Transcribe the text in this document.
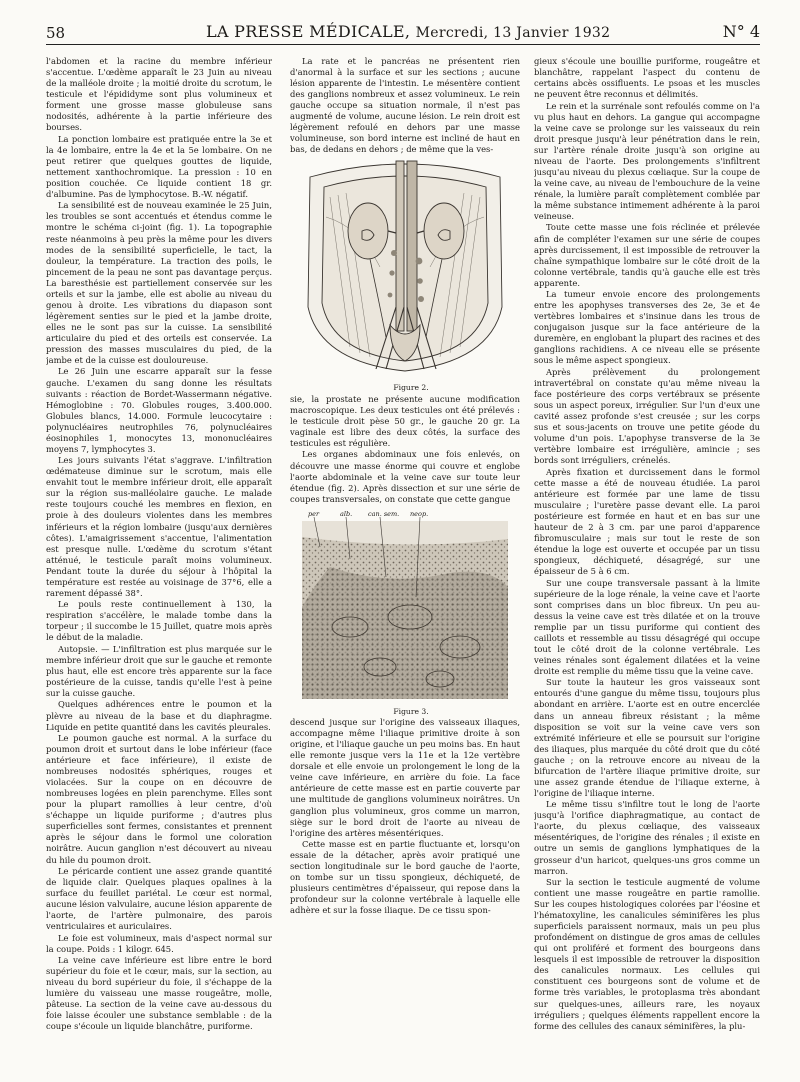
58	LA PRESSE MÉDICALE, Mercredi, 13 Janvier 1932	N° 4

l'abdomen et la racine du membre inférieur s'accentue. L'œdème apparaît le 23 Juin au niveau de la malléole droite ; la moitié droite du scrotum, le testicule et l'épididyme sont plus volumineux et forment une grosse masse globuleuse sans nodosités, adhérente à la partie inférieure des bourses.

La ponction lombaire est pratiquée entre la 3e et la 4e lombaire, entre la 4e et la 5e lombaire. On ne peut retirer que quelques gouttes de liquide, nettement xanthochromique. La pression : 10 en position couchée. Ce liquide contient 18 gr. d'albumine. Pas de lymphocytose. B.-W. négatif.

La sensibilité est de nouveau examinée le 25 Juin, les troubles se sont accentués et étendus comme le montre le schéma ci-joint (fig. 1). La topographie reste néanmoins à peu près la même pour les divers modes de la sensibilité superficielle, le tact, la douleur, la température. La traction des poils, le pincement de la peau ne sont pas davantage perçus. La baresthésie est partiellement conservée sur les orteils et sur la jambe, elle est abolie au niveau du genou à droite. Les vibrations du diapason sont légèrement senties sur le pied et la jambe droite, elles ne le sont pas sur la cuisse. La sensibilité articulaire du pied et des orteils est conservée. La pression des masses musculaires du pied, de la jambe et de la cuisse est douloureuse.

Le 26 Juin une escarre apparaît sur la fesse gauche. L'examen du sang donne les résultats suivants : réaction de Bordet-Wassermann négative. Hémoglobine : 70. Globules rouges, 3.400.000. Globules blancs, 14.000. Formule leucocytaire : polynucléaires neutrophiles 76, polynucléaires éosinophiles 1, monocytes 13, mononucléaires moyens 7, lymphocytes 3.

Les jours suivants l'état s'aggrave. L'infiltration œdémateuse diminue sur le scrotum, mais elle envahit tout le membre inférieur droit, elle apparaît sur la région sus-malléolaire gauche. Le malade reste toujours couché les membres en flexion, en proie à des douleurs violentes dans les membres inférieurs et la région lombaire (jusqu'aux dernières côtes). L'amaigrissement s'accentue, l'alimentation est presque nulle. L'œdème du scrotum s'étant atténué, le testicule paraît moins volumineux. Pendant toute la durée du séjour à l'hôpital la température est restée au voisinage de 37°6, elle a rarement dépassé 38°.

Le pouls reste continuellement à 130, la respiration s'accélère, le malade tombe dans la torpeur ; il succombe le 15 Juillet, quatre mois après le début de la maladie.

Autopsie. — L'infiltration est plus marquée sur le membre inférieur droit que sur le gauche et remonte plus haut, elle est encore très apparente sur la face postérieure de la cuisse, tandis qu'elle l'est à peine sur la cuisse gauche.

Quelques adhérences entre le poumon et la plèvre au niveau de la base et du diaphragme. Liquide en petite quantité dans les cavités pleurales.

Le poumon gauche est normal. A la surface du poumon droit et surtout dans le lobe inférieur (face antérieure et face inférieure), il existe de nombreuses nodosités sphériques, rouges et violacées. Sur la coupe on en découvre de nombreuses logées en plein parenchyme. Elles sont pour la plupart ramollies à leur centre, d'où s'échappe un liquide puriforme ; d'autres plus superficielles sont fermes, consistantes et prennent après le séjour dans le formol une coloration noirâtre. Aucun ganglion n'est découvert au niveau du hile du poumon droit.

Le péricarde contient une assez grande quantité de liquide clair. Quelques plaques opalines à la surface du feuillet pariétal. Le cœur est normal, aucune lésion valvulaire, aucune lésion apparente de l'aorte, de l'artère pulmonaire, des parois ventriculaires et auriculaires.

Le foie est volumineux, mais d'aspect normal sur la coupe. Poids : 1 kilogr. 645.

La veine cave inférieure est libre entre le bord supérieur du foie et le cœur, mais, sur la section, au niveau du bord supérieur du foie, il s'échappe de la lumière du vaisseau une masse rougeâtre, molle, pâteuse. La section de la veine cave au-dessous du foie laisse écouler une substance semblable : de la coupe s'écoule un liquide blanchâtre, puriforme.

La rate et le pancréas ne présentent rien d'anormal à la surface et sur les sections ; aucune lésion apparente de l'intestin. Le mésentère contient des ganglions nombreux et assez volumineux. Le rein gauche occupe sa situation normale, il n'est pas augmenté de volume, aucune lésion. Le rein droit est légèrement refoulé en dehors par une masse volumineuse, son bord interne est incliné de haut en bas, de dedans en dehors ; de même que la ves-

Figure 2.

sie, la prostate ne présente aucune modification macroscopique. Les deux testicules ont été prélevés : le testicule droit pèse 50 gr., le gauche 20 gr. La vaginale est libre des deux côtés, la surface des testicules est régulière.

Les organes abdominaux une fois enlevés, on découvre une masse énorme qui couvre et englobe l'aorte abdominale et la veine cave sur toute leur étendue (fig. 2). Après dissection et sur une série de coupes transversales, on constate que cette gangue

per	alb. can. sem. neop.

Figure 3.

descend jusque sur l'origine des vaisseaux iliaques, accompagne même l'iliaque primitive droite à son origine, et l'iliaque gauche un peu moins bas. En haut elle remonte jusque vers la 11e et la 12e vertèbre dorsale et elle envoie un prolongement le long de la veine cave inférieure, en arrière du foie. La face antérieure de cette masse est en partie couverte par une multitude de ganglions volumineux noirâtres. Un ganglion plus volumineux, gros comme un marron, siège sur le bord droit de l'aorte au niveau de l'origine des artères mésentériques.

Cette masse est en partie fluctuante et, lorsqu'on essaie de la détacher, après avoir pratiqué une section longitudinale sur le bord gauche de l'aorte, on tombe sur un tissu spongieux, déchiqueté, de plusieurs centimètres d'épaisseur, qui repose dans la profondeur sur la colonne vertébrale à laquelle elle adhère et sur la fosse iliaque. De ce tissu spon-

gieux s'écoule une bouillie puriforme, rougeâtre et blanchâtre, rappelant l'aspect du contenu de certains abcès ossifluents. Le psoas et les muscles ne peuvent être reconnus et délimités.

Le rein et la surrénale sont refoulés comme on l'a vu plus haut en dehors. La gangue qui accompagne la veine cave se prolonge sur les vaisseaux du rein droit presque jusqu'à leur pénétration dans le rein, sur l'artère rénale droite jusqu'à son origine au niveau de l'aorte. Des prolongements s'infiltrent jusqu'au niveau du plexus cœliaque. Sur la coupe de la veine cave, au niveau de l'embouchure de la veine rénale, la lumière paraît complètement comblée par la même substance intimement adhérente à la paroi veineuse.

Toute cette masse une fois réclinée et prélevée afin de compléter l'examen sur une série de coupes après durcissement, il est impossible de retrouver la chaîne sympathique lombaire sur le côté droit de la colonne vertébrale, tandis qu'à gauche elle est très apparente.

La tumeur envoie encore des prolongements entre les apophyses transverses des 2e, 3e et 4e vertèbres lombaires et s'insinue dans les trous de conjugaison jusque sur la face antérieure de la duremère, en englobant la plupart des racines et des ganglions rachidiens. A ce niveau elle se présente sous le même aspect spongieux.

Après prélèvement du prolongement intravertébral on constate qu'au même niveau la face postérieure des corps vertébraux se présente sous un aspect poreux, irrégulier. Sur l'un d'eux une cavité assez profonde s'est creusée ; sur les corps sus et sous-jacents on trouve une petite géode du volume d'un pois. L'apophyse transverse de la 3e vertèbre lombaire est irrégulière, amincie ; ses bords sont irréguliers, crénelés.

Après fixation et durcissement dans le formol cette masse a été de nouveau étudiée. La paroi antérieure est formée par une lame de tissu musculaire ; l'uretère passe devant elle. La paroi postérieure est formée en haut et en bas sur une hauteur de 2 à 3 cm. par une paroi d'apparence fibromusculaire ; mais sur tout le reste de son étendue la loge est ouverte et occupée par un tissu spongieux, déchiqueté, désagrégé, sur une épaisseur de 5 à 6 cm.

Sur une coupe transversale passant à la limite supérieure de la loge rénale, la veine cave et l'aorte sont comprises dans un bloc fibreux. Un peu au-dessus la veine cave est très dilatée et on la trouve remplie par un tissu puriforme qui contient des caillots et ressemble au tissu désagrégé qui occupe tout le côté droit de la colonne vertébrale. Les veines rénales sont également dilatées et la veine droite est remplie du même tissu que la veine cave.

Sur toute la hauteur les gros vaisseaux sont entourés d'une gangue du même tissu, toujours plus abondant en arrière. L'aorte est en outre encerclée dans un anneau fibreux résistant ; la même disposition se voit sur la veine cave vers son extrémité inférieure et elle se poursuit sur l'origine des iliaques, plus marquée du côté droit que du côté gauche ; on la retrouve encore au niveau de la bifurcation de l'artère iliaque primitive droite, sur une assez grande étendue de l'iliaque externe, à l'origine de l'iliaque interne.

Le même tissu s'infiltre tout le long de l'aorte jusqu'à l'orifice diaphragmatique, au contact de l'aorte, du plexus cœliaque, des vaisseaux mésentériques, de l'origine des rénales ; il existe en outre un semis de ganglions lymphatiques de la grosseur d'un haricot, quelques-uns gros comme un marron.

Sur la section le testicule augmenté de volume contient une masse rougeâtre en partie ramollie. Sur les coupes histologiques colorées par l'éosine et l'hématoxyline, les canalicules séminifères les plus superficiels paraissent normaux, mais un peu plus profondément on distingue de gros amas de cellules qui ont proliféré et forment des bourgeons dans lesquels il est impossible de retrouver la disposition des canalicules normaux. Les cellules qui constituent ces bourgeons sont de volume et de forme très variables, le protoplasma très abondant sur quelques-unes, ailleurs rare, les noyaux irréguliers ; quelques éléments rappellent encore la forme des cellules des canaux séminifères, la plu-
